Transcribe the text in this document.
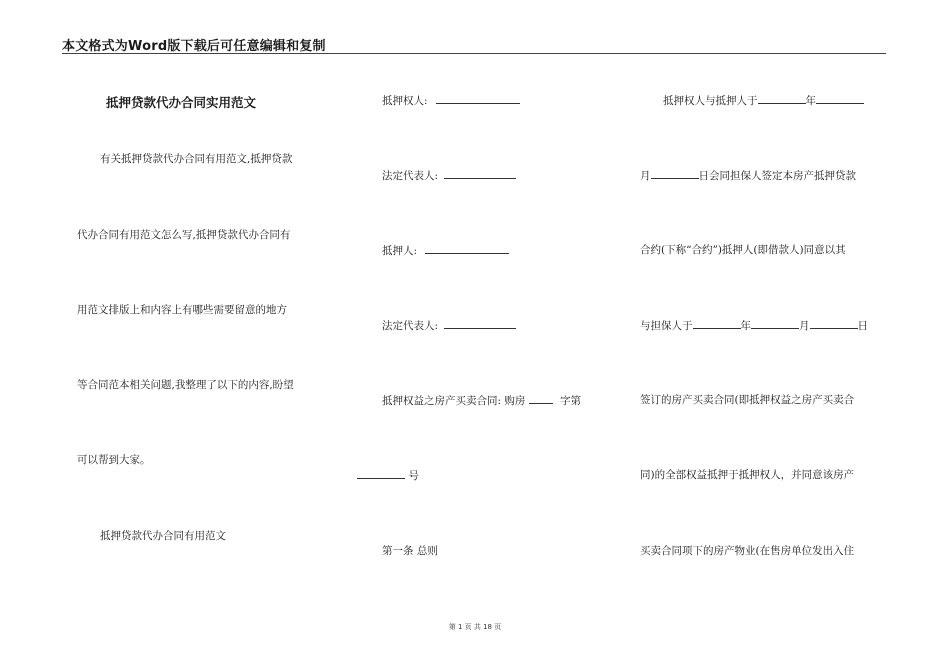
本文格式为Word版下载后可任意编辑和复制
抵押贷款代办合同实用范文
有关抵押贷款代办合同有用范文,抵押贷款
代办合同有用范文怎么写,抵押贷款代办合同有
用范文排版上和内容上有哪些需要留意的地方
等合同范本相关问题,我整理了以下的内容,盼望
可以帮到大家。
抵押贷款代办合同有用范文
抵押权人:
法定代表人:
抵押人:
法定代表人:
抵押权益之房产买卖合同: 购房	字第
号
第一条 总则
抵押权人与抵押人于	年
月	日会同担保人签定本房产抵押贷款
合约(下称“合约”)抵押人(即借款人)同意以其
与担保人于	年	月	日
签订的房产买卖合同(即抵押权益之房产买卖合
同)的全部权益抵押于抵押权人，并同意该房产
买卖合同项下的房产物业(在售房单位发出入住
第 1 页 共 18 页
